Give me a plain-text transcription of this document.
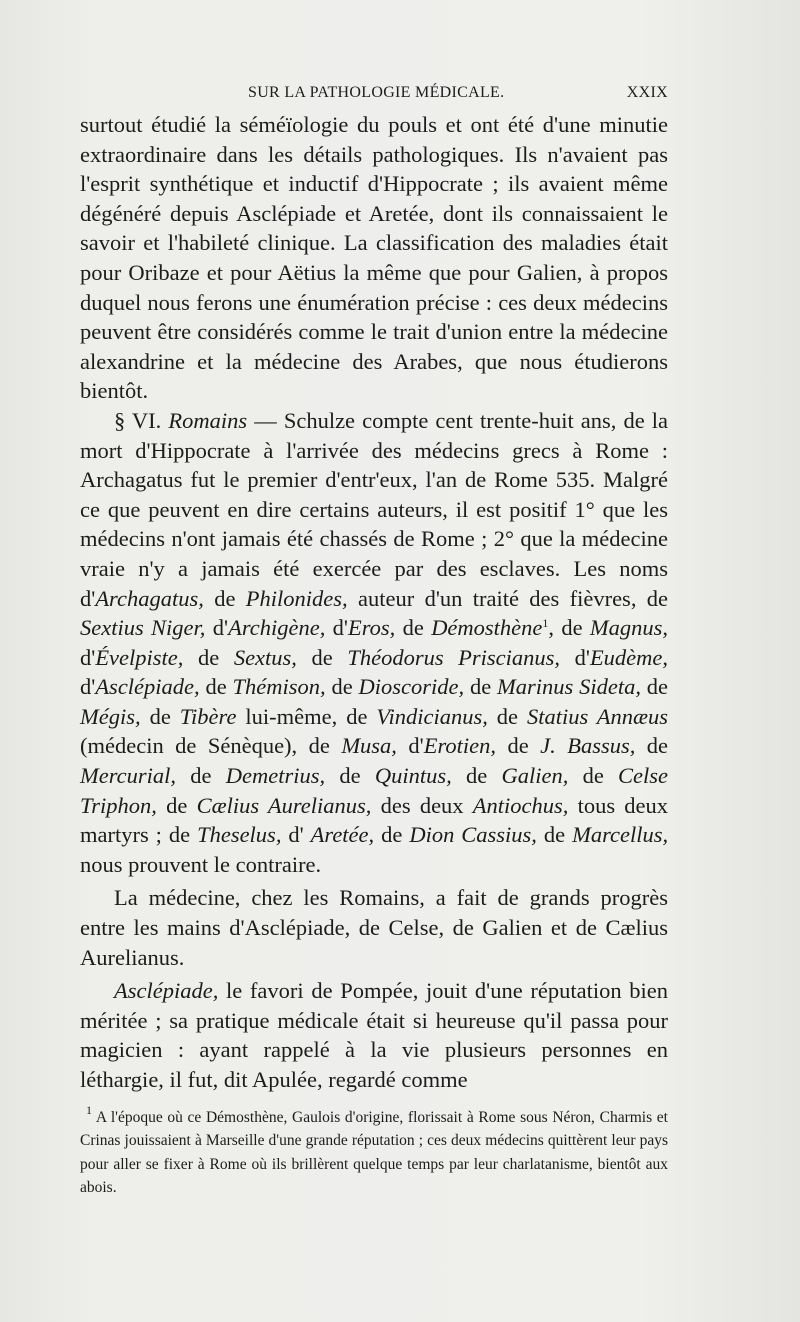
SUR LA PATHOLOGIE MÉDICALE.	XXIX

surtout étudié la séméïologie du pouls et ont été d'une minutie extraordinaire dans les détails pathologiques. Ils n'avaient pas l'esprit synthétique et inductif d'Hippocrate ; ils avaient même dégénéré depuis Asclépiade et Aretée, dont ils connaissaient le savoir et l'habileté clinique. La classification des maladies était pour Oribaze et pour Aëtius la même que pour Galien, à propos duquel nous ferons une énumération précise : ces deux médecins peuvent être considérés comme le trait d'union entre la médecine alexandrine et la médecine des Arabes, que nous étudierons bientôt.

§ VI. Romains — Schulze compte cent trente-huit ans, de la mort d'Hippocrate à l'arrivée des médecins grecs à Rome : Archagatus fut le premier d'entr'eux, l'an de Rome 535. Malgré ce que peuvent en dire certains auteurs, il est positif 1° que les médecins n'ont jamais été chassés de Rome ; 2° que la médecine vraie n'y a jamais été exercée par des esclaves. Les noms d'Archagatus, de Philonides, auteur d'un traité des fièvres, de Sextius Niger, d'Archigène, d'Eros, de Démosthène$^1$, de Magnus, d'Évelpiste, de Sextus, de Théodorus Priscianus, d'Eudème, d'Asclépiade, de Thémison, de Dioscoride, de Marinus Sideta, de Mégis, de Tibère lui-même, de Vindicianus, de Statius Annæus (médecin de Sénèque), de Musa, d'Erotien, de J. Bassus, de Mercurial, de Demetrius, de Quintus, de Galien, de Celse Triphon, de Cælius Aurelianus, des deux Antiochus, tous deux martyrs ; de Theselus, d' Aretée, de Dion Cassius, de Marcellus, nous prouvent le contraire.

La médecine, chez les Romains, a fait de grands progrès entre les mains d'Asclépiade, de Celse, de Galien et de Cælius Aurelianus.

Asclépiade, le favori de Pompée, jouit d'une réputation bien méritée ; sa pratique médicale était si heureuse qu'il passa pour magicien : ayant rappelé à la vie plusieurs personnes en léthargie, il fut, dit Apulée, regardé comme

$^1$ A l'époque où ce Démosthène, Gaulois d'origine, florissait à Rome sous Néron, Charmis et Crinas jouissaient à Marseille d'une grande réputation ; ces deux médecins quittèrent leur pays pour aller se fixer à Rome où ils brillèrent quelque temps par leur charlatanisme, bientôt aux abois.
